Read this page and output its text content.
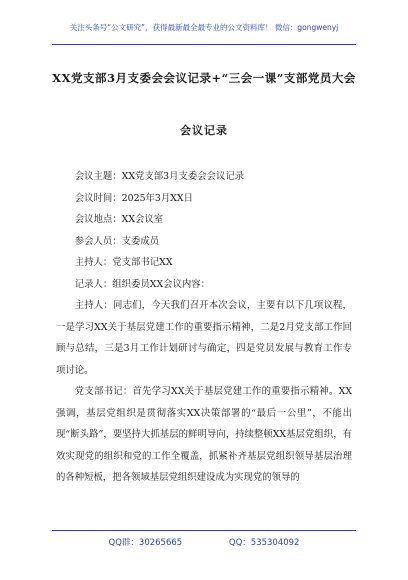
关注头条号“公文研究”，获得最新最全最专业的公文资料库！ 微信：gongwenyj
XX党支部3月支委会会议记录+“三会一课”支部党员大会
会议记录
会议主题：XX党支部3月支委会会议记录
会议时间：2025年3月XX日
会议地点：XX会议室
参会人员：支委成员
主持人：党支部书记XX
记录人：组织委员XX会议内容：

主持人：同志们，今天我们召开本次会议，主要有以下几项议程，一是学习XX关于基层党建工作的重要指示精神，二是2月党支部工作回顾与总结，三是3月工作计划研讨与确定，四是党员发展与教育工作专项讨论。

党支部书记：首先学习XX关于基层党建工作的重要指示精神。XX强调，基层党组织是贯彻落实XX决策部署的“最后一公里”，不能出现“断头路”，要坚持大抓基层的鲜明导向，持续整顿XX基层党组织，有效实现党的组织和党的工作全覆盖，抓紧补齐基层党组织领导基层治理的各种短板，把各领域基层党组织建设成为实现党的领导的

QQ群：30265665	QQ：535304092
